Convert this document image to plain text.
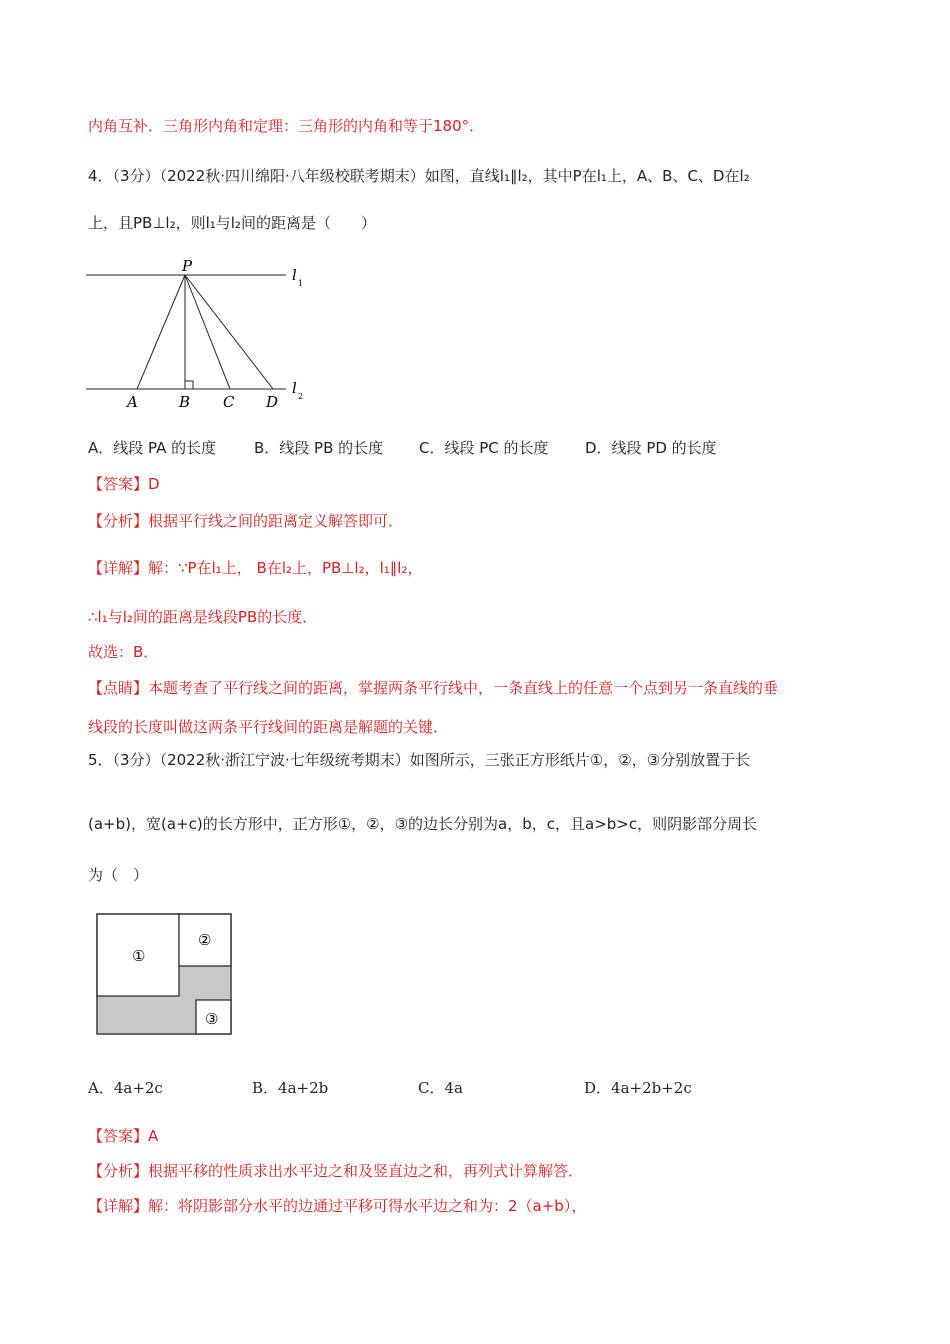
内角互补．三角形内角和定理：三角形的内角和等于180°．
4．（3分）（2022秋·四川绵阳·八年级校联考期末）如图，直线l₁∥l₂，其中P在l₁上，A、B、C、D在l₂
上，且PB⊥l₂，则l₁与l₂间的距离是（　　）
P	l 1
l 2
A	B C D
A．线段 PA 的长度	B．线段 PB 的长度 C．线段 PC 的长度 D．线段 PD 的长度
【答案】D
【分析】根据平行线之间的距离定义解答即可．
【详解】解：∵P在l₁上， B在l₂上，PB⊥l₂，l₁∥l₂，
∴l₁与l₂间的距离是线段PB的长度．
故选：B．
【点睛】本题考查了平行线之间的距离，掌握两条平行线中，一条直线上的任意一个点到另一条直线的垂
线段的长度叫做这两条平行线间的距离是解题的关键．
5．（3分）（2022秋·浙江宁波·七年级统考期末）如图所示，三张正方形纸片①，②，③分别放置于长
(a+b)，宽(a+c)的长方形中，正方形①，②，③的边长分别为a，b，c，且a>b>c，则阴影部分周长
为（　）
①
②
③
A．4a+2c	B．4a+2b	C．4a	D．4a+2b+2c
【答案】A
【分析】根据平移的性质求出水平边之和及竖直边之和，再列式计算解答．
【详解】解：将阴影部分水平的边通过平移可得水平边之和为：2（a+b），
